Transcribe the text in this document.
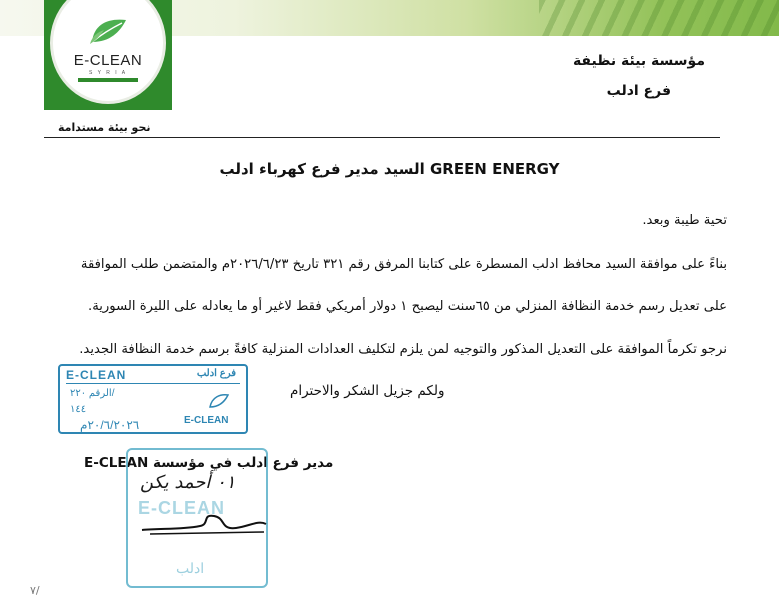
E-CLEAN
S Y R I A
نحو بيئة مستدامة
مؤسسة بيئة نظيفة
فرع ادلب
السيد مدير فرع كهرباء ادلب GREEN ENERGY
تحية طيبة وبعد.
بناءً على موافقة السيد محافظ ادلب المسطرة على كتابنا المرفق رقم ٣٢١ تاريخ ٢٠٢٦/٦/٢٣م والمتضمن طلب الموافقة
على تعديل رسم خدمة النظافة المنزلي من ٦٥سنت ليصبح ١ دولار أمريكي فقط لاغير أو ما يعادله على الليرة السورية.
نرجو تكرماً الموافقة على التعديل المذكور والتوجيه لمن يلزم لتكليف العدادات المنزلية كافةً برسم خدمة النظافة الجديد.
ولكم جزيل الشكر والاحترام
E-CLEAN	فرع ادلب
الرقم ٢٢٠/
١٤٤
٢٠/٦/٢٠٢٦م	E-CLEAN
مدير فرع ادلب في مؤسسة E-CLEAN
E-CLEAN
ادلب
٠١ أحمد يكن
٧/
